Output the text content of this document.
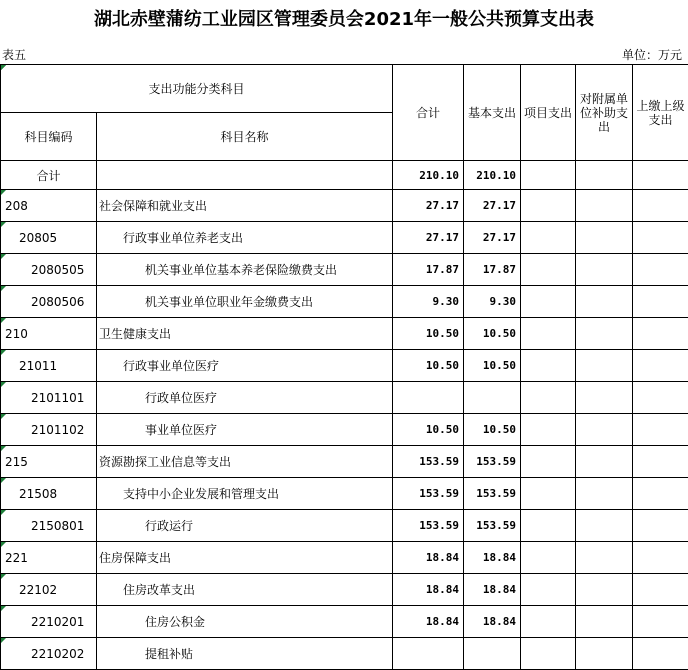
湖北赤壁蒲纺工业园区管理委员会2021年一般公共预算支出表
表五	单位：万元
支出功能分类科目		合计	基本支出	项目支出	对附属单位补助支出	上缴上级支出
科目编码	科目名称					
合计		210.10	210.10			

208	社会保障和就业支出	27.17	27.17			

20805	行政事业单位养老支出	27.17	27.17			

2080505	机关事业单位基本养老保险缴费支出	17.87	17.87			

2080506	机关事业单位职业年金缴费支出	9.30	9.30			

210	卫生健康支出	10.50	10.50			

21011	行政事业单位医疗	10.50	10.50			

2101101	行政单位医疗					

2101102	事业单位医疗	10.50	10.50			

215	资源勘探工业信息等支出	153.59	153.59			

21508	支持中小企业发展和管理支出	153.59	153.59			

2150801	行政运行	153.59	153.59			

221	住房保障支出	18.84	18.84			

22102	住房改革支出	18.84	18.84			

2210201	住房公积金	18.84	18.84			

2210202	提租补贴					
